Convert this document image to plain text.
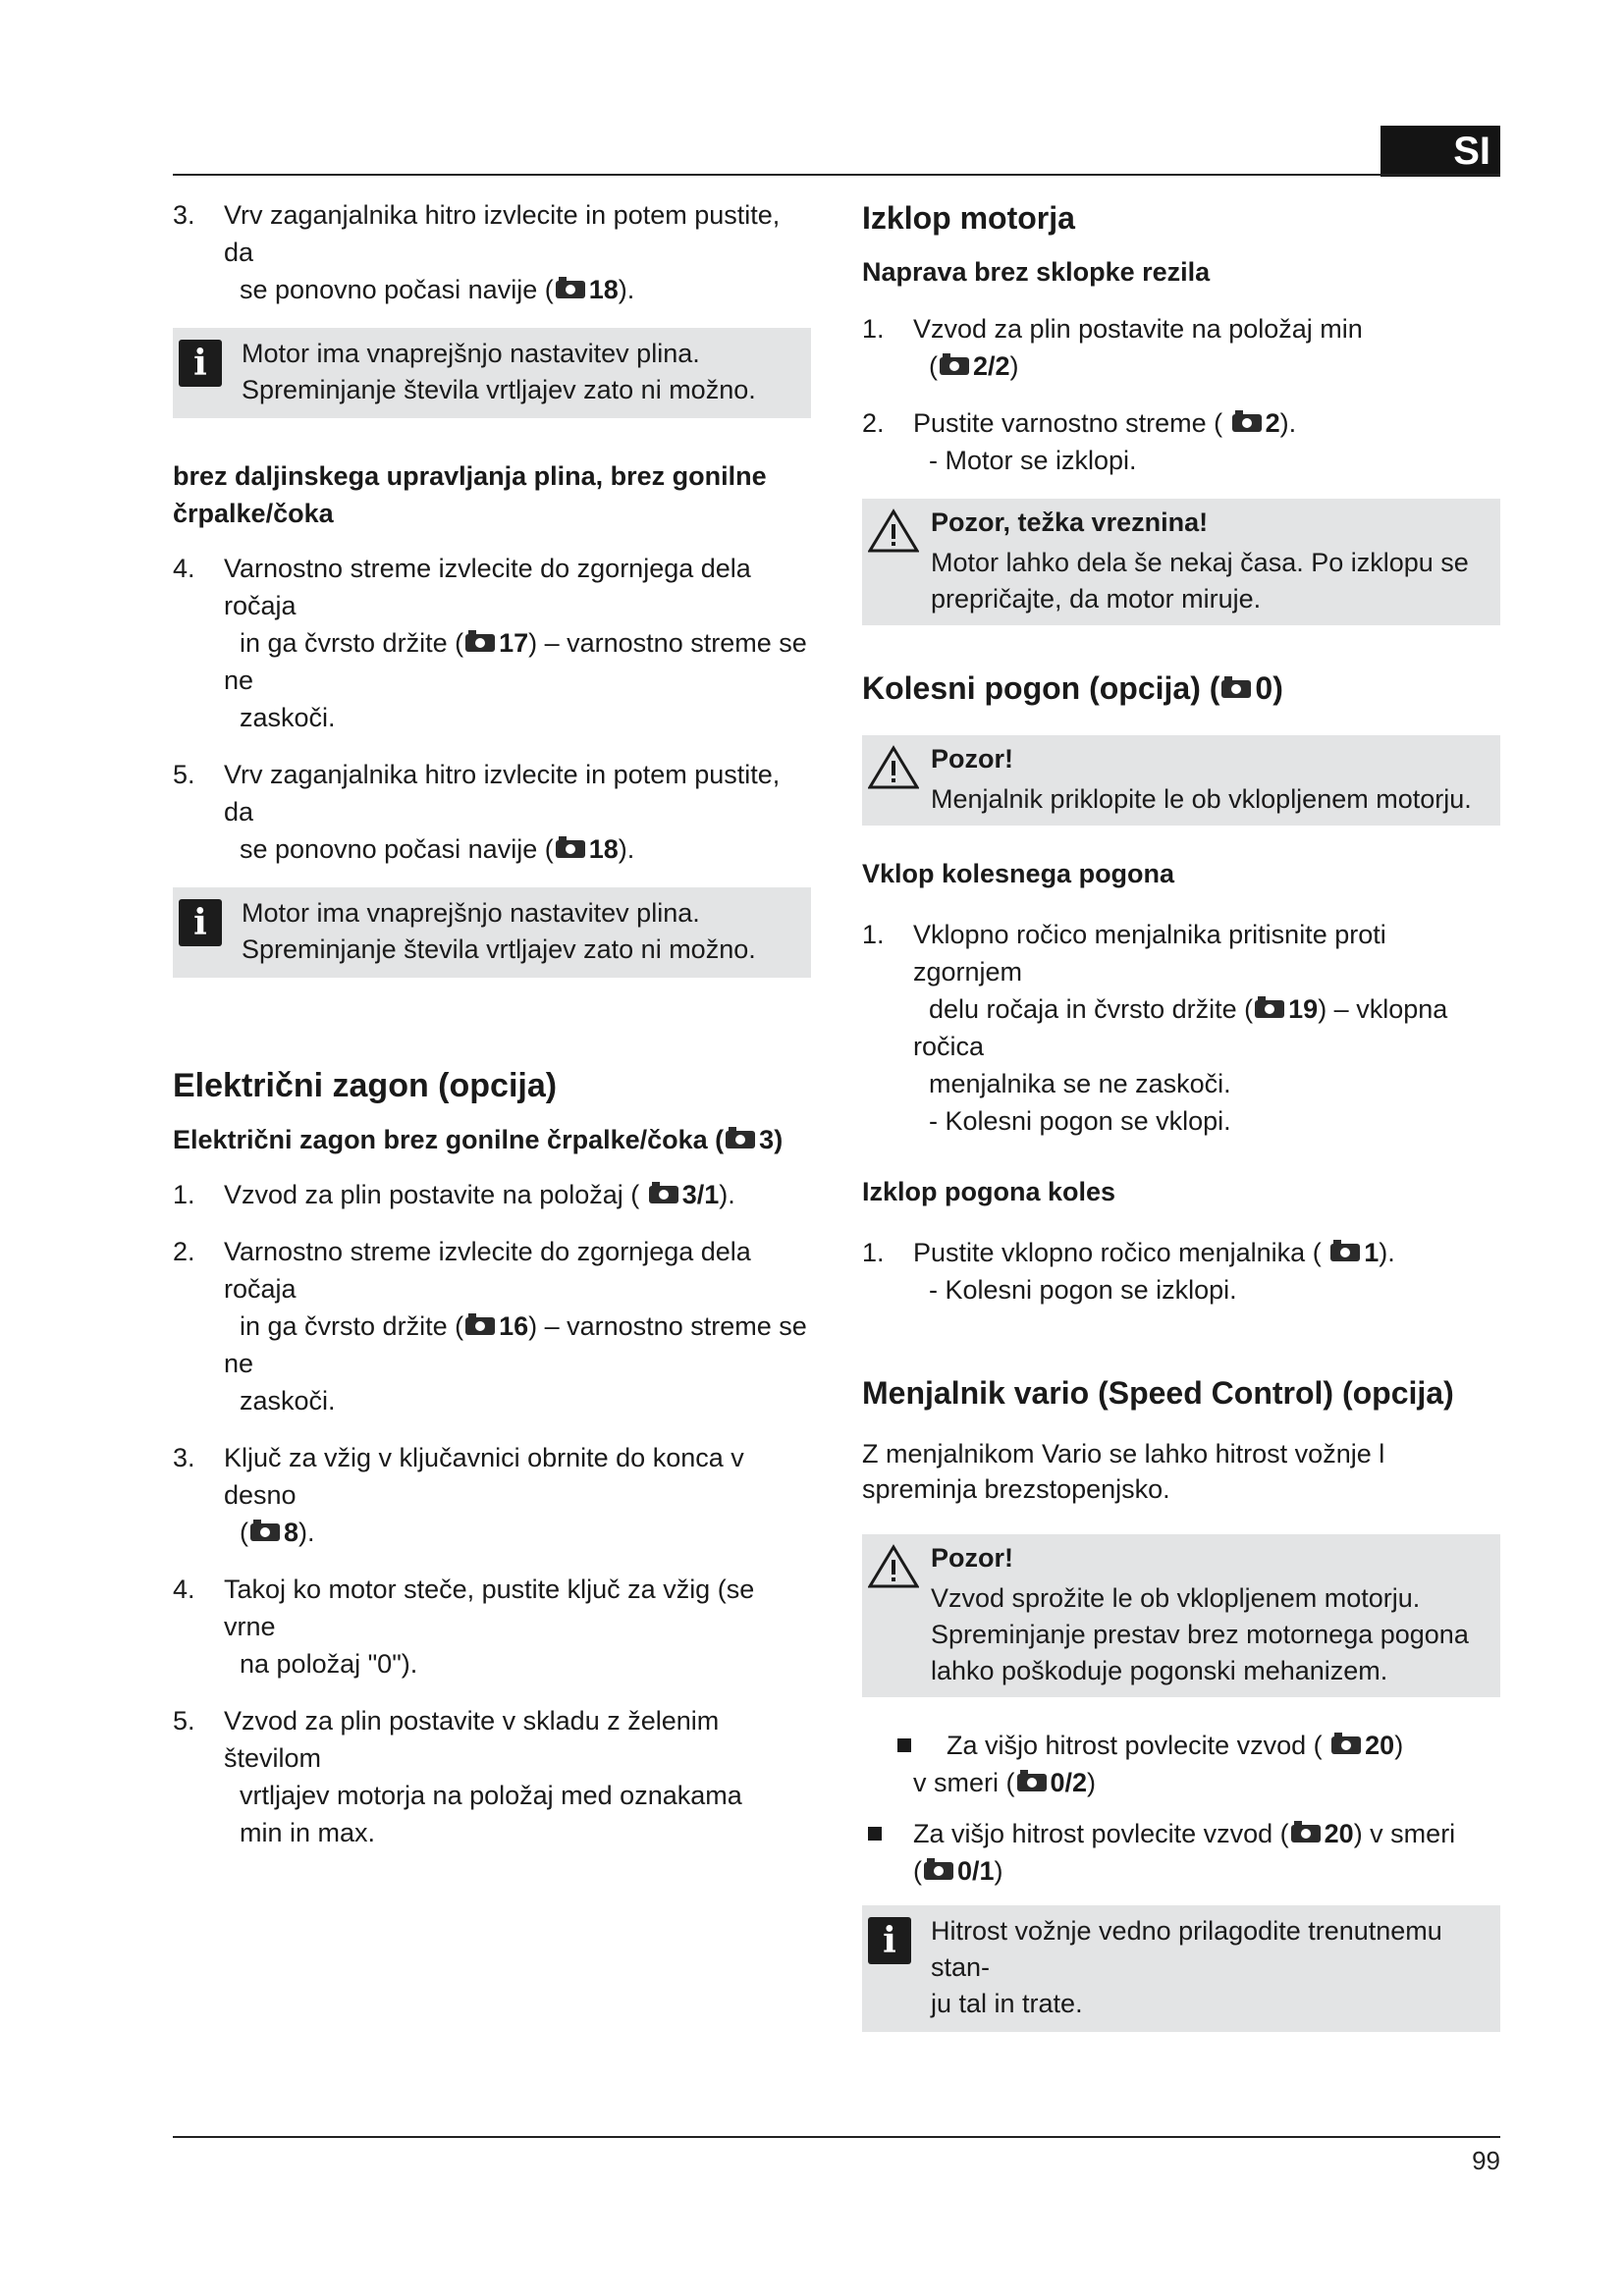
SI
3. Vrv zaganjalnika hitro izvlecite in potem pustite, da
se ponovno počasi navije ( 18).
i	Motor ima vnaprejšnjo nastavitev plina.
Spreminjanje števila vrtljajev zato ni možno.
brez daljinskega upravljanja plina, brez gonilne črpalke/čoka
4. Varnostno streme izvlecite do zgornjega dela ročaja
in ga čvrsto držite ( 17) – varnostno streme se ne
zaskoči.
5. Vrv zaganjalnika hitro izvlecite in potem pustite, da
se ponovno počasi navije ( 18).
i	Motor ima vnaprejšnjo nastavitev plina.
Spreminjanje števila vrtljajev zato ni možno.
Električni zagon (opcija)
Električni zagon brez gonilne črpalke/čoka ( 3)
1. Vzvod za plin postavite na položaj ( 3/1).
2. Varnostno streme izvlecite do zgornjega dela ročaja
in ga čvrsto držite ( 16) – varnostno streme se ne
zaskoči.
3. Ključ za vžig v ključavnici obrnite do konca v desno
( 8).
4. Takoj ko motor steče, pustite ključ za vžig (se vrne
na položaj "0").
5. Vzvod za plin postavite v skladu z želenim številom
vrtljajev motorja na položaj med oznakama
min in max.
Izklop motorja
Naprava brez sklopke rezila
1. Vzvod za plin postavite na položaj min
( 2/2)
2. Pustite varnostno streme ( 2).
- Motor se izklopi.
Pozor, težka vreznina!
Motor lahko dela še nekaj časa. Po izklopu se
prepričajte, da motor miruje.
Kolesni pogon (opcija) ( 0)
Pozor!
Menjalnik priklopite le ob vklopljenem motorju.
Vklop kolesnega pogona
1. Vklopno ročico menjalnika pritisnite proti zgornjem
delu ročaja in čvrsto držite ( 19) – vklopna ročica
menjalnika se ne zaskoči.
- Kolesni pogon se vklopi.
Izklop pogona koles
1. Pustite vklopno ročico menjalnika ( 1).
- Kolesni pogon se izklopi.
Menjalnik vario (Speed Control) (opcija)
Z menjalnikom Vario se lahko hitrost vožnje l
spreminja brezstopenjsko.
Pozor!
Vzvod sprožite le ob vklopljenem motorju.
Spreminjanje prestav brez motornega pogona
lahko poškoduje pogonski mehanizem.
Za višjo hitrost povlecite vzvod ( 20)
v smeri ( 0/2)
Za višjo hitrost povlecite vzvod ( 20) v smeri
( 0/1)
i	Hitrost vožnje vedno prilagodite trenutnemu stan-
ju tal in trate.
99
